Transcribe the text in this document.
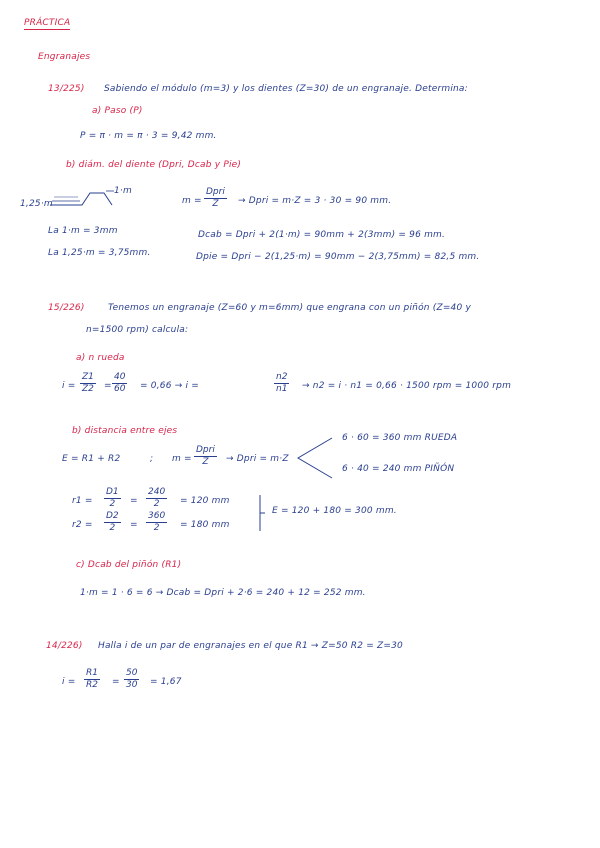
PRÁCTICA
Engranajes
13/225) Sabiendo el módulo (m=3) y los dientes (Z=30) de un engranaje. Determina:
a) Paso (P)
P = π · m = π · 3 = 9,42 mm.
b) diám. del diente (Dpri, Dcab y Pie)
1,25·m
1·m
m =
Dpri
Z	→ Dpri = m·Z = 3 · 30 = 90 mm.
La 1·m = 3mm
La 1,25·m = 3,75mm.
Dcab = Dpri + 2(1·m) = 90mm + 2(3mm) = 96 mm.
Dpie = Dpri − 2(1,25·m) = 90mm − 2(3,75mm) = 82,5 mm.
15/226)	Tenemos un engranaje (Z=60 y m=6mm) que engrana con un piñón (Z=40 y
n=1500 rpm) calcula:
a) n rueda
$i = \frac{Z1}{Z2} = \frac{40}{60} = 0,66 \to i$ =	$\frac{n2}{n1} \to n2 = i \cdot n1 = 0,66 \cdot 1500$ rpm = 1000 rpm
b) distancia entre ejes
E = R1 + R2	; m =
Dpri
Z	→ Dpri = m·Z
6 · 60 = 360 mm RUEDA
6 · 40 = 240 mm PIÑÓN
$r1 = \frac{D1}{2} = \frac{240}{2} = 120$ mm
$r2 = \frac{D2}{2} = \frac{360}{2} = 180$ mm
E = 120 + 180 = 300 mm.
c) Dcab del piñón (R1)
1·m = 1 · 6 = 6 → Dcab = Dpri + 2·6 = 240 + 12 = 252 mm.
14/226) Halla i de un par de engranajes en el que R1 → Z=50 R2 = Z=30
$i = \frac{R1}{R2} = \frac{50}{30} = 1,67$
